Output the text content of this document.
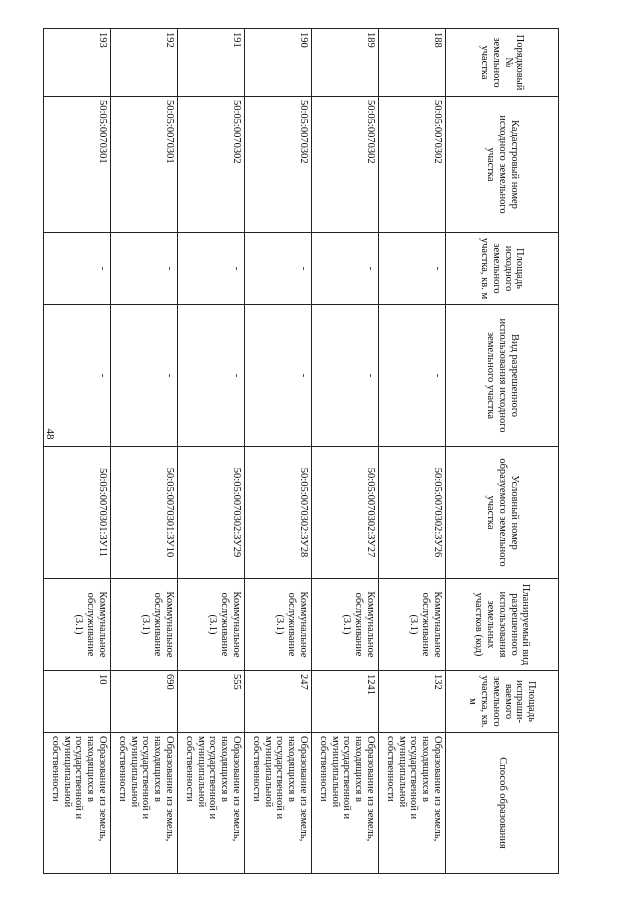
48
Порядковый № земельного участка	Кадастровый номер исходного земельного участка	Площадь исходного земельного участка, кв. м	Вид разрешенного использования исходного земельного участка	Условный номер образуемого земельного участка	Планируемый вид разрешенного использования земельных участков (код)	Площадь испраши-ваемого земельного участка, кв. м	Способ образования
188	50:05:0070302	-	-	50:05:0070302:ЗУ26	Коммунальное обслуживание (3.1)	132	Образование из земель, находящихся в государственной и муниципальной собственности
189	50:05:0070302	-	-	50:05:0070302:ЗУ27	Коммунальное обслуживание (3.1)	1241	Образование из земель, находящихся в государственной и муниципальной собственности
190	50:05:0070302	-	-	50:05:0070302:ЗУ28	Коммунальное обслуживание (3.1)	247	Образование из земель, находящихся в государственной и муниципальной собственности
191	50:05:0070302	-	-	50:05:0070302:ЗУ29	Коммунальное обслуживание (3.1)	555	Образование из земель, находящихся в государственной и муниципальной собственности
192	50:05:0070301	-	-	50:05:0070301:ЗУ10	Коммунальное обслуживание (3.1)	690	Образование из земель, находящихся в государственной и муниципальной собственности
193	50:05:0070301	-	-	50:05:0070301:ЗУ11	Коммунальное обслуживание (3.1)	10	Образование из земель, находящихся в государственной и муниципальной собственности
